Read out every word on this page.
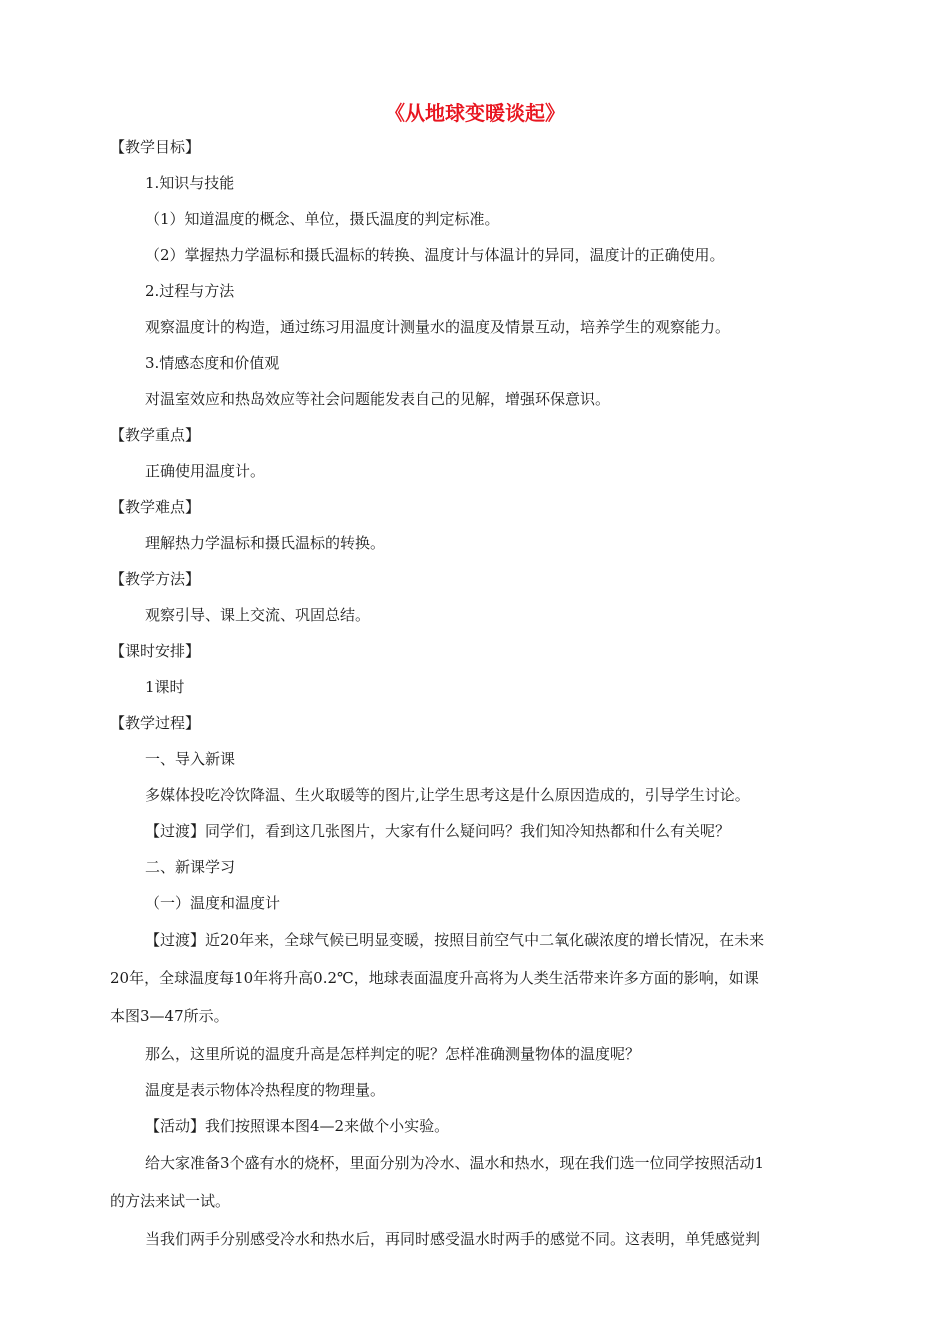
《从地球变暖谈起》
【教学目标】
1.知识与技能
（1）知道温度的概念、单位，摄氏温度的判定标准。
（2）掌握热力学温标和摄氏温标的转换、温度计与体温计的异同，温度计的正确使用。
2.过程与方法
观察温度计的构造，通过练习用温度计测量水的温度及情景互动，培养学生的观察能力。
3.情感态度和价值观
对温室效应和热岛效应等社会问题能发表自己的见解，增强环保意识。
【教学重点】
正确使用温度计。
【教学难点】
理解热力学温标和摄氏温标的转换。
【教学方法】
观察引导、课上交流、巩固总结。
【课时安排】
1课时
【教学过程】
一、导入新课
多媒体投吃冷饮降温、生火取暖等的图片,让学生思考这是什么原因造成的，引导学生讨论。
【过渡】同学们，看到这几张图片，大家有什么疑问吗？我们知冷知热都和什么有关呢？
二、新课学习
（一）温度和温度计
【过渡】近20年来，全球气候已明显变暖，按照目前空气中二氧化碳浓度的增长情况，在未来
20年，全球温度每10年将升高0.2℃，地球表面温度升高将为人类生活带来许多方面的影响，如课
本图3—47所示。
那么，这里所说的温度升高是怎样判定的呢？怎样准确测量物体的温度呢？
温度是表示物体冷热程度的物理量。
【活动】我们按照课本图4—2来做个小实验。
给大家准备3个盛有水的烧杯，里面分别为冷水、温水和热水，现在我们选一位同学按照活动1
的方法来试一试。
当我们两手分别感受冷水和热水后，再同时感受温水时两手的感觉不同。这表明，单凭感觉判
